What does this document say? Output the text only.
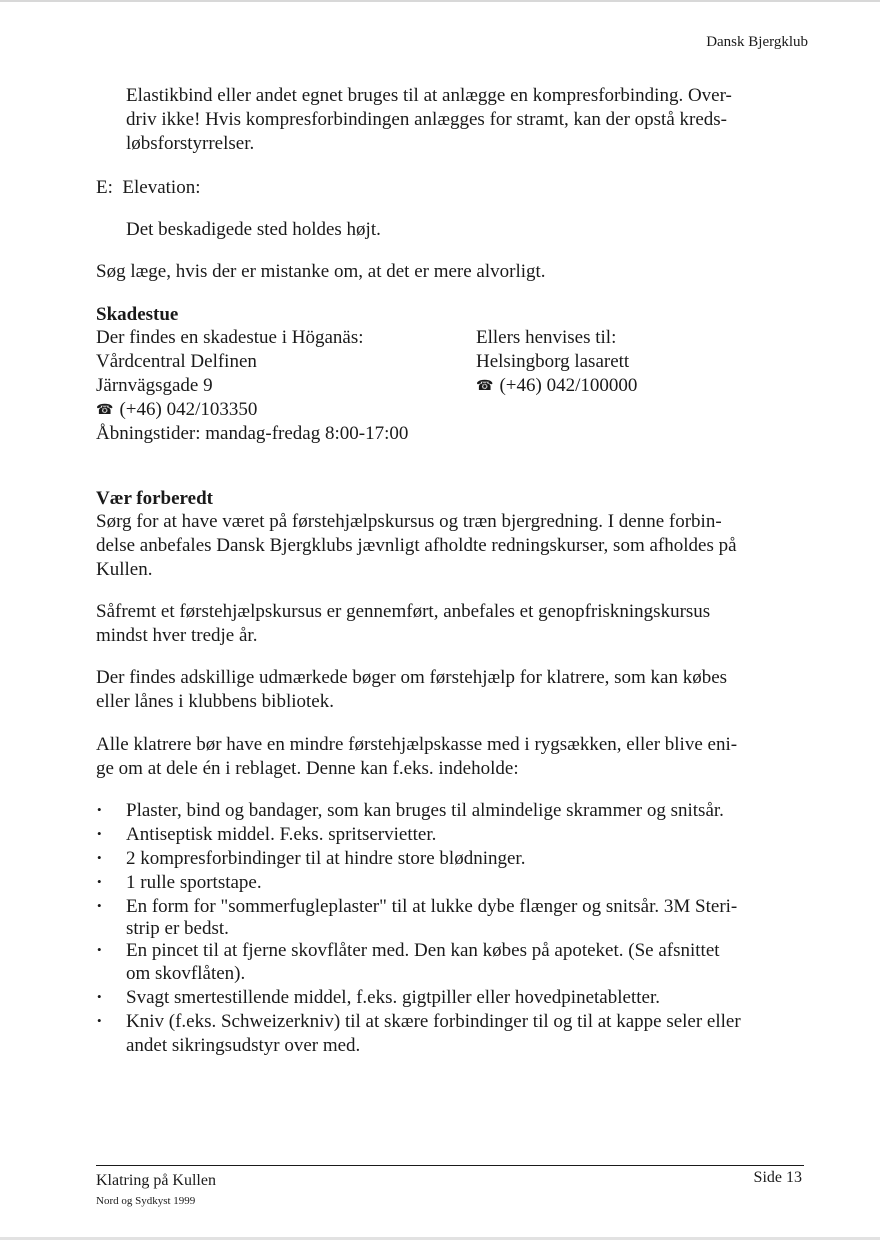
Dansk Bjergklub
Elastikbind eller andet egnet bruges til at anlægge en kompresforbinding. Over-
driv ikke! Hvis kompresforbindingen anlægges for stramt, kan der opstå kreds-
løbsforstyrrelser.
E:  Elevation:
Det beskadigede sted holdes højt.
Søg læge, hvis der er mistanke om, at det er mere alvorligt.
Skadestue
Der findes en skadestue i Höganäs:
Vårdcentral Delfinen
Järnvägsgade 9
☎ (+46) 042/103350
Åbningstider: mandag-fredag 8:00-17:00
Ellers henvises til:
Helsingborg lasarett
☎ (+46) 042/100000
Vær forberedt
Sørg for at have været på førstehjælpskursus og træn bjergredning. I denne forbin-
delse anbefales Dansk Bjergklubs jævnligt afholdte redningskurser, som afholdes på
Kullen.
Såfremt et førstehjælpskursus er gennemført, anbefales et genopfriskningskursus
mindst hver tredje år.
Der findes adskillige udmærkede bøger om førstehjælp for klatrere, som kan købes
eller lånes i klubbens bibliotek.
Alle klatrere bør have en mindre førstehjælpskasse med i rygsækken, eller blive eni-
ge om at dele én i reblaget. Denne kan f.eks. indeholde:
• Plaster, bind og bandager, som kan bruges til almindelige skrammer og snitsår.
• Antiseptisk middel. F.eks. spritservietter.
• 2 kompresforbindinger til at hindre store blødninger.
• 1 rulle sportstape.
• En form for "sommerfugleplaster" til at lukke dybe flænger og snitsår. 3M Steri-
strip er bedst.
• En pincet til at fjerne skovflåter med. Den kan købes på apoteket. (Se afsnittet
om skovflåten).
• Svagt smertestillende middel, f.eks. gigtpiller eller hovedpinetabletter.
• Kniv (f.eks. Schweizerkniv) til at skære forbindinger til og til at kappe seler eller
andet sikringsudstyr over med.
Klatring på Kullen
Nord og Sydkyst 1999
Side 13
